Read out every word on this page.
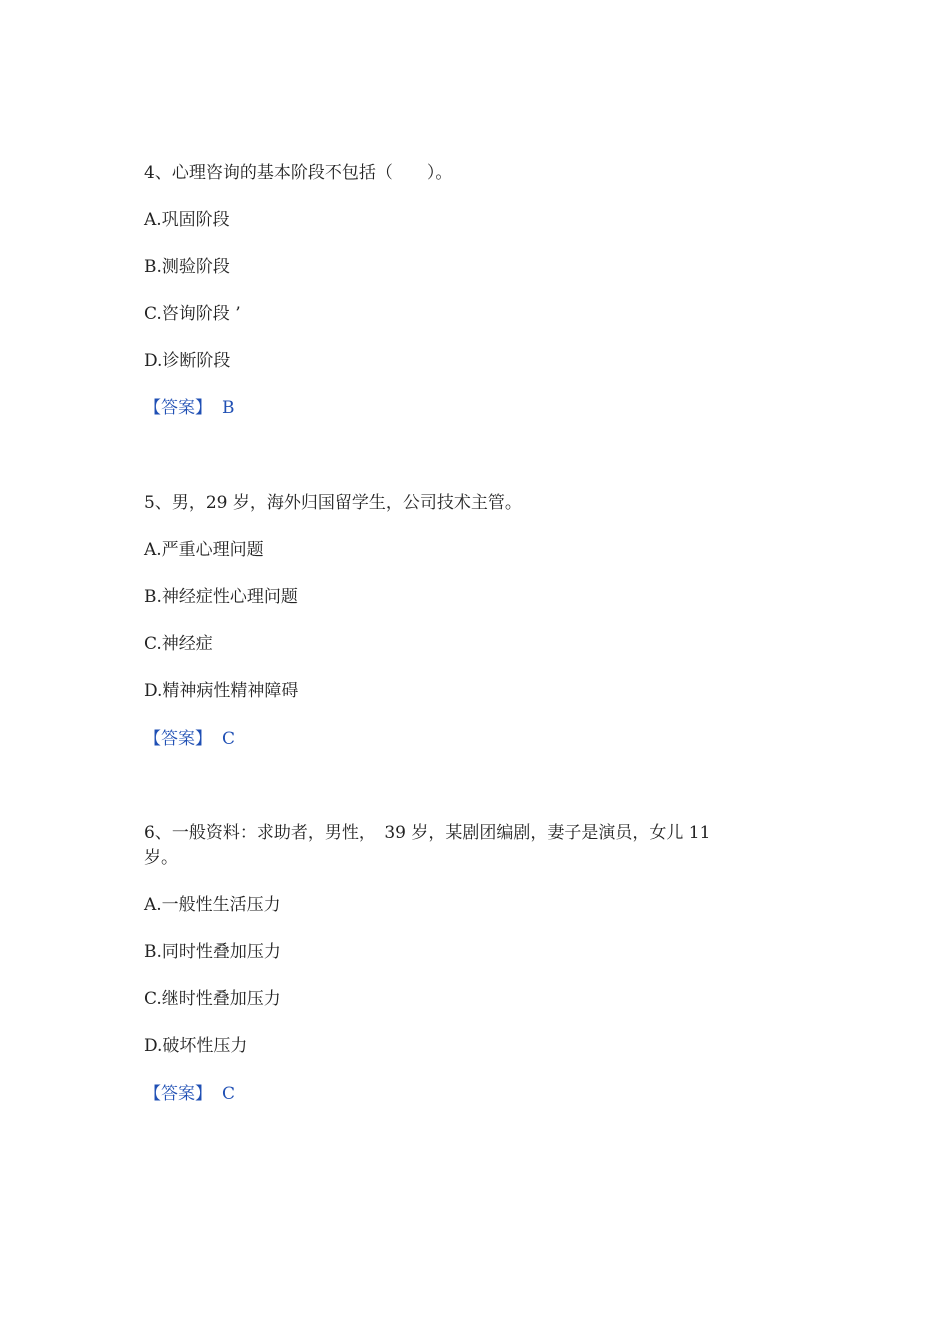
4、心理咨询的基本阶段不包括（　　）。
A.巩固阶段
B.测验阶段
C.咨询阶段 ’
D.诊断阶段
【答案】 B
5、男，29 岁，海外归国留学生，公司技术主管。
A.严重心理问题
B.神经症性心理问题
C.神经症
D.精神病性精神障碍
【答案】 C
6、一般资料：求助者，男性，　39 岁，某剧团编剧，妻子是演员，女儿 11
岁。
A.一般性生活压力
B.同时性叠加压力
C.继时性叠加压力
D.破坏性压力
【答案】 C
